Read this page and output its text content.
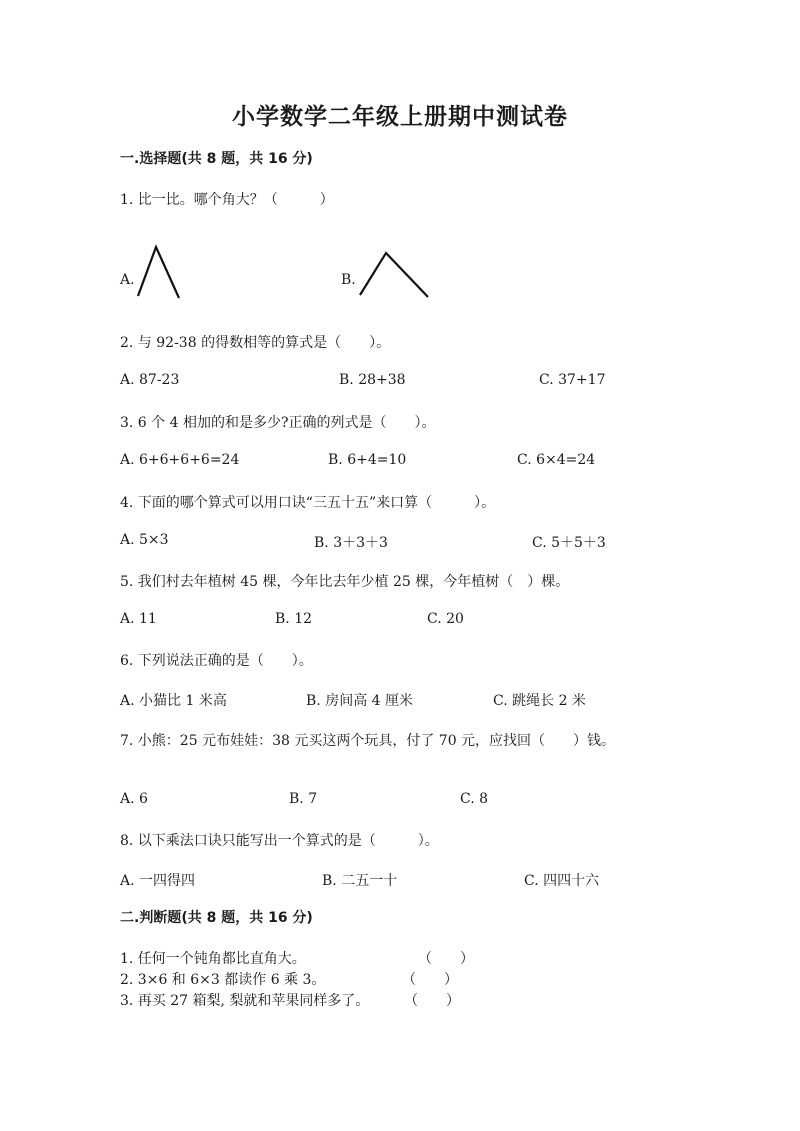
小学数学二年级上册期中测试卷
一.选择题(共 8 题，共 16 分)
1. 比一比。哪个角大？（　　　）
A.	B.
2. 与 92-38 的得数相等的算式是（　　）。
A. 87-23	B. 28+38	C. 37+17
3. 6 个 4 相加的和是多少?正确的列式是（　　）。
A. 6+6+6+6=24	B. 6+4=10	C. 6×4=24
4. 下面的哪个算式可以用口诀“三五十五”来口算（　　　）。
A. 5×3	B. 3＋3＋3	C. 5＋5＋3
5. 我们村去年植树 45 棵，今年比去年少植 25 棵，今年植树（　）棵。
A. 11	B. 12	C. 20
6. 下列说法正确的是（　　）。
A. 小猫比 1 米高	B. 房间高 4 厘米	C. 跳绳长 2 米
7. 小熊：25 元布娃娃：38 元买这两个玩具，付了 70 元，应找回（　　）钱。
A. 6	B. 7	C. 8
8. 以下乘法口诀只能写出一个算式的是（　　　）。
A. 一四得四	B. 二五一十	C. 四四十六
二.判断题(共 8 题，共 16 分)
1. 任何一个钝角都比直角大。	（　　）
2. 3×6 和 6×3 都读作 6 乘 3。	（　　）
3. 再买 27 箱梨, 梨就和苹果同样多了。 （　　）
